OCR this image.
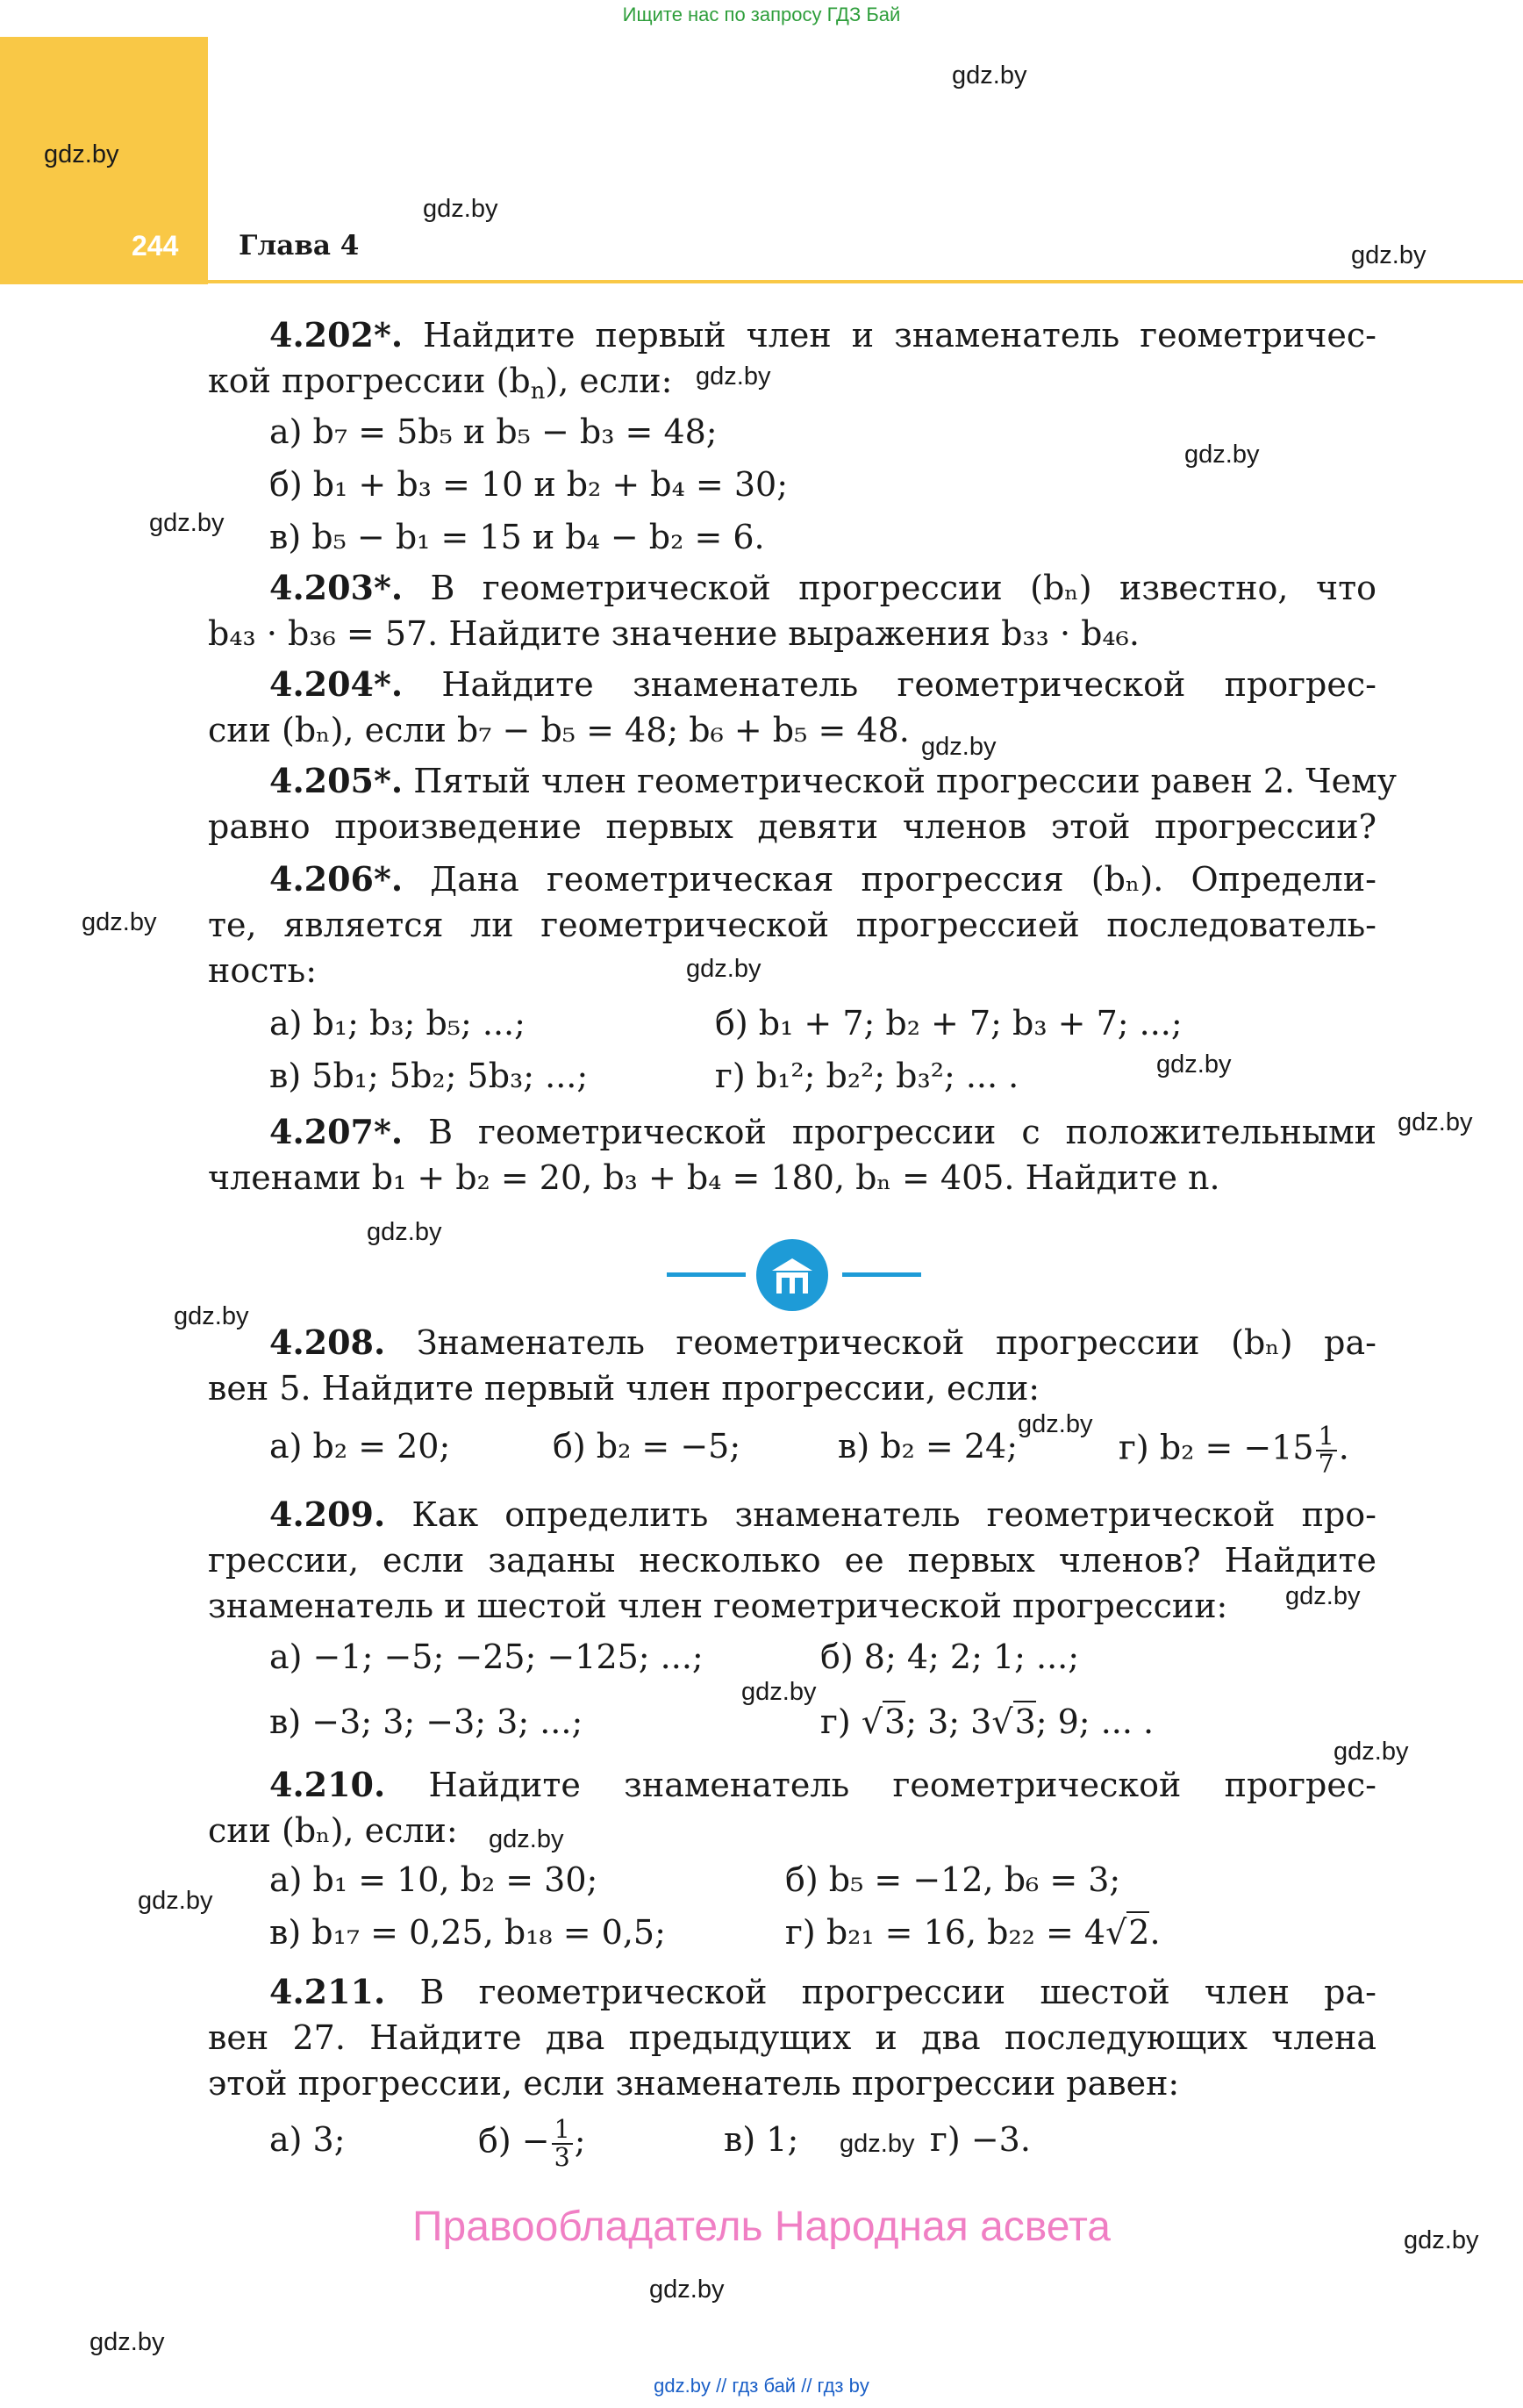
Ищите нас по запросу ГДЗ Бай
244 Глава 4
gdz.by
gdz.by
gdz.by
gdz.by
gdz.by
gdz.by
gdz.by
gdz.by
gdz.by
gdz.by
gdz.by
gdz.by
gdz.by
gdz.by
gdz.by
gdz.by
gdz.by
gdz.by
gdz.by
gdz.by
gdz.by
gdz.by
gdz.by
gdz.by
4.202*. Найдите первый член и знаменатель геометричес-
кой прогрессии $(b_n)$, если:
а) b₇ = 5b₅ и b₅ − b₃ = 48;
б) b₁ + b₃ = 10 и b₂ + b₄ = 30;
в) b₅ − b₁ = 15 и b₄ − b₂ = 6.
4.203*. В геометрической прогрессии (bₙ) известно, что
b₄₃ · b₃₆ = 57. Найдите значение выражения b₃₃ · b₄₆.
4.204*. Найдите знаменатель геометрической прогрес-
сии (bₙ), если b₇ − b₅ = 48; b₆ + b₅ = 48.
4.205*. Пятый член геометрической прогрессии равен 2. Чему
равно произведение первых девяти членов этой прогрессии?
4.206*. Дана геометрическая прогрессия (bₙ). Определи-
те, является ли геометрической прогрессией последователь-
ность:
а) b₁; b₃; b₅; ...;	б) b₁ + 7; b₂ + 7; b₃ + 7; ...;
в) 5b₁; 5b₂; 5b₃; ...;	г) b₁²; b₂²; b₃²; ... .
4.207*. В геометрической прогрессии с положительными
членами b₁ + b₂ = 20, b₃ + b₄ = 180, bₙ = 405. Найдите n.
4.208. Знаменатель геометрической прогрессии (bₙ) ра-
вен 5. Найдите первый член прогрессии, если:
а) b₂ = 20;	б) b₂ = −5;	в) b₂ = 24;	г) $b_2 = -15 \frac{1}{7}$ .
4.209. Как определить знаменатель геометрической про-
грессии, если заданы несколько ее первых членов? Найдите
знаменатель и шестой член геометрической прогрессии:
а) −1; −5; −25; −125; ...;	б) 8; 4; 2; 1; ...;
в) −3; 3; −3; 3; ...;	г) √3; 3; 3√3; 9; ... .
4.210. Найдите знаменатель геометрической прогрес-
сии (bₙ), если:
а) b₁ = 10, b₂ = 30;	б) b₅ = −12, b₆ = 3;
в) b₁₇ = 0,25, b₁₈ = 0,5;	г) b₂₁ = 16, b₂₂ = 4√2.
4.211. В геометрической прогрессии шестой член ра-
вен 27. Найдите два предыдущих и два последующих члена
этой прогрессии, если знаменатель прогрессии равен:
а) 3;	$б) - \frac{1}{3}$ ;	в) 1;	г) −3.
Правообладатель Народная асвета
gdz.by // гдз бай // гдз by
